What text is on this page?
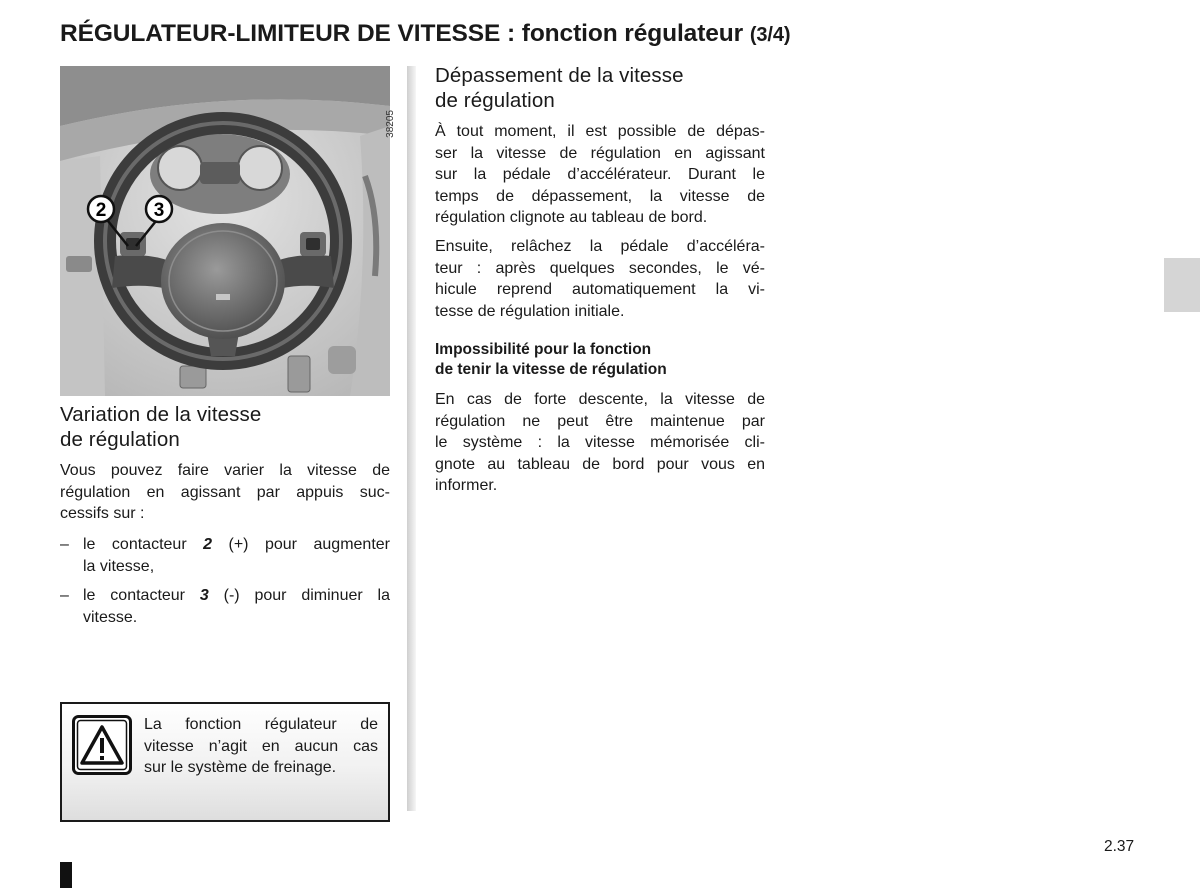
RÉGULATEUR-LIMITEUR DE VITESSE : fonction régulateur (3/4)
2 3
38205
Variation de la vitesse
de régulation
Vous pouvez faire varier la vitesse de
régulation en agissant par appuis suc-
cessifs sur :
– le contacteur 2 (+) pour augmenter
la vitesse,
– le contacteur 3 (-) pour diminuer la
vitesse.
La fonction régulateur de
vitesse n’agit en aucun cas
sur le système de freinage.
Dépassement de la vitesse
de régulation
À tout moment, il est possible de dépas-
ser la vitesse de régulation en agissant
sur la pédale d’accélérateur. Durant le
temps de dépassement, la vitesse de
régulation clignote au tableau de bord.
Ensuite, relâchez la pédale d’accéléra-
teur : après quelques secondes, le vé-
hicule reprend automatiquement la vi-
tesse de régulation initiale.
Impossibilité pour la fonction
de tenir la vitesse de régulation
En cas de forte descente, la vitesse de
régulation ne peut être maintenue par
le système : la vitesse mémorisée cli-
gnote au tableau de bord pour vous en
informer.
2.37
